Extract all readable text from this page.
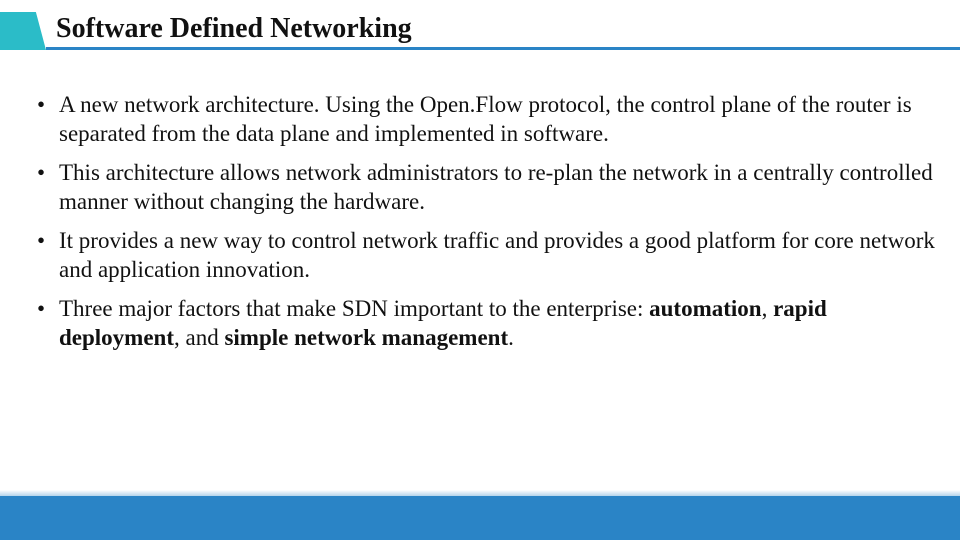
Software Defined Networking
• A new network architecture. Using the Open.Flow protocol, the control plane of the router is separated from the data plane and implemented in software.
• This architecture allows network administrators to re-plan the network in a centrally controlled manner without changing the hardware.
• It provides a new way to control network traffic and provides a good platform for core network and application innovation.
• Three major factors that make SDN important to the enterprise: automation, rapid deployment, and simple network management.
